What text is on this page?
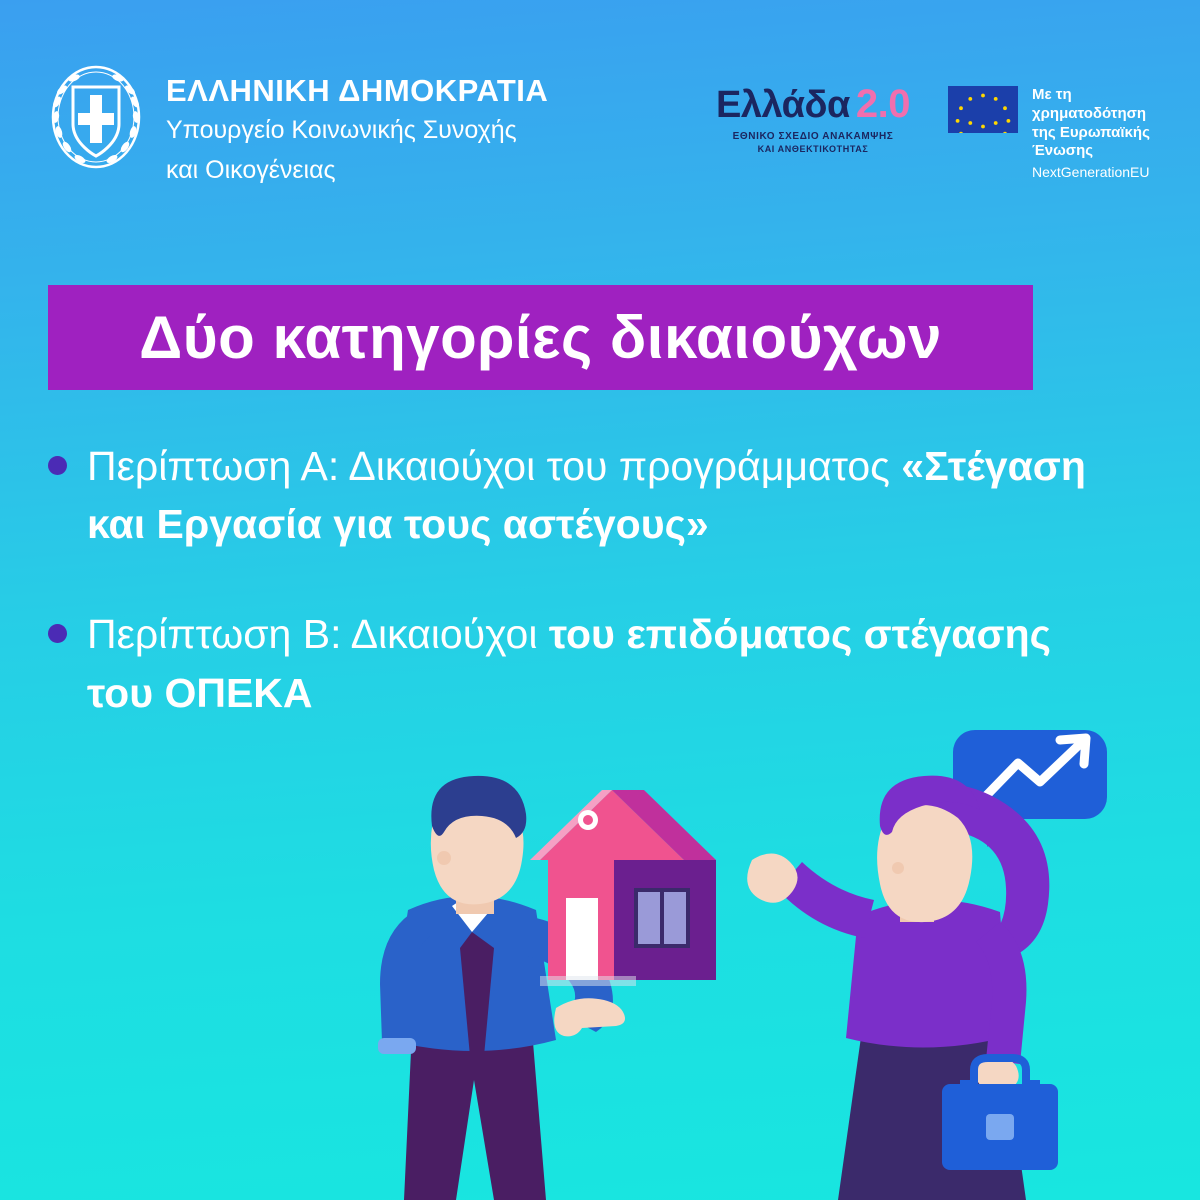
ΕΛΛΗΝΙΚΗ ΔΗΜΟΚΡΑΤΙΑ
Υπουργείο Κοινωνικής Συνοχής
και Οικογένειας
Ελλάδα 2.0
ΕΘΝΙΚΟ ΣΧΕΔΙΟ ΑΝΑΚΑΜΨΗΣ
ΚΑΙ ΑΝΘΕΚΤΙΚΟΤΗΤΑΣ
Με τη χρηματοδότηση
της Ευρωπαϊκής Ένωσης
NextGenerationEU
Δύο κατηγορίες δικαιούχων
Περίπτωση Α: Δικαιούχοι του προγράμματος «Στέγαση και Εργασία για τους αστέγους»
Περίπτωση Β: Δικαιούχοι του επιδόματος στέγασης του ΟΠΕΚΑ
